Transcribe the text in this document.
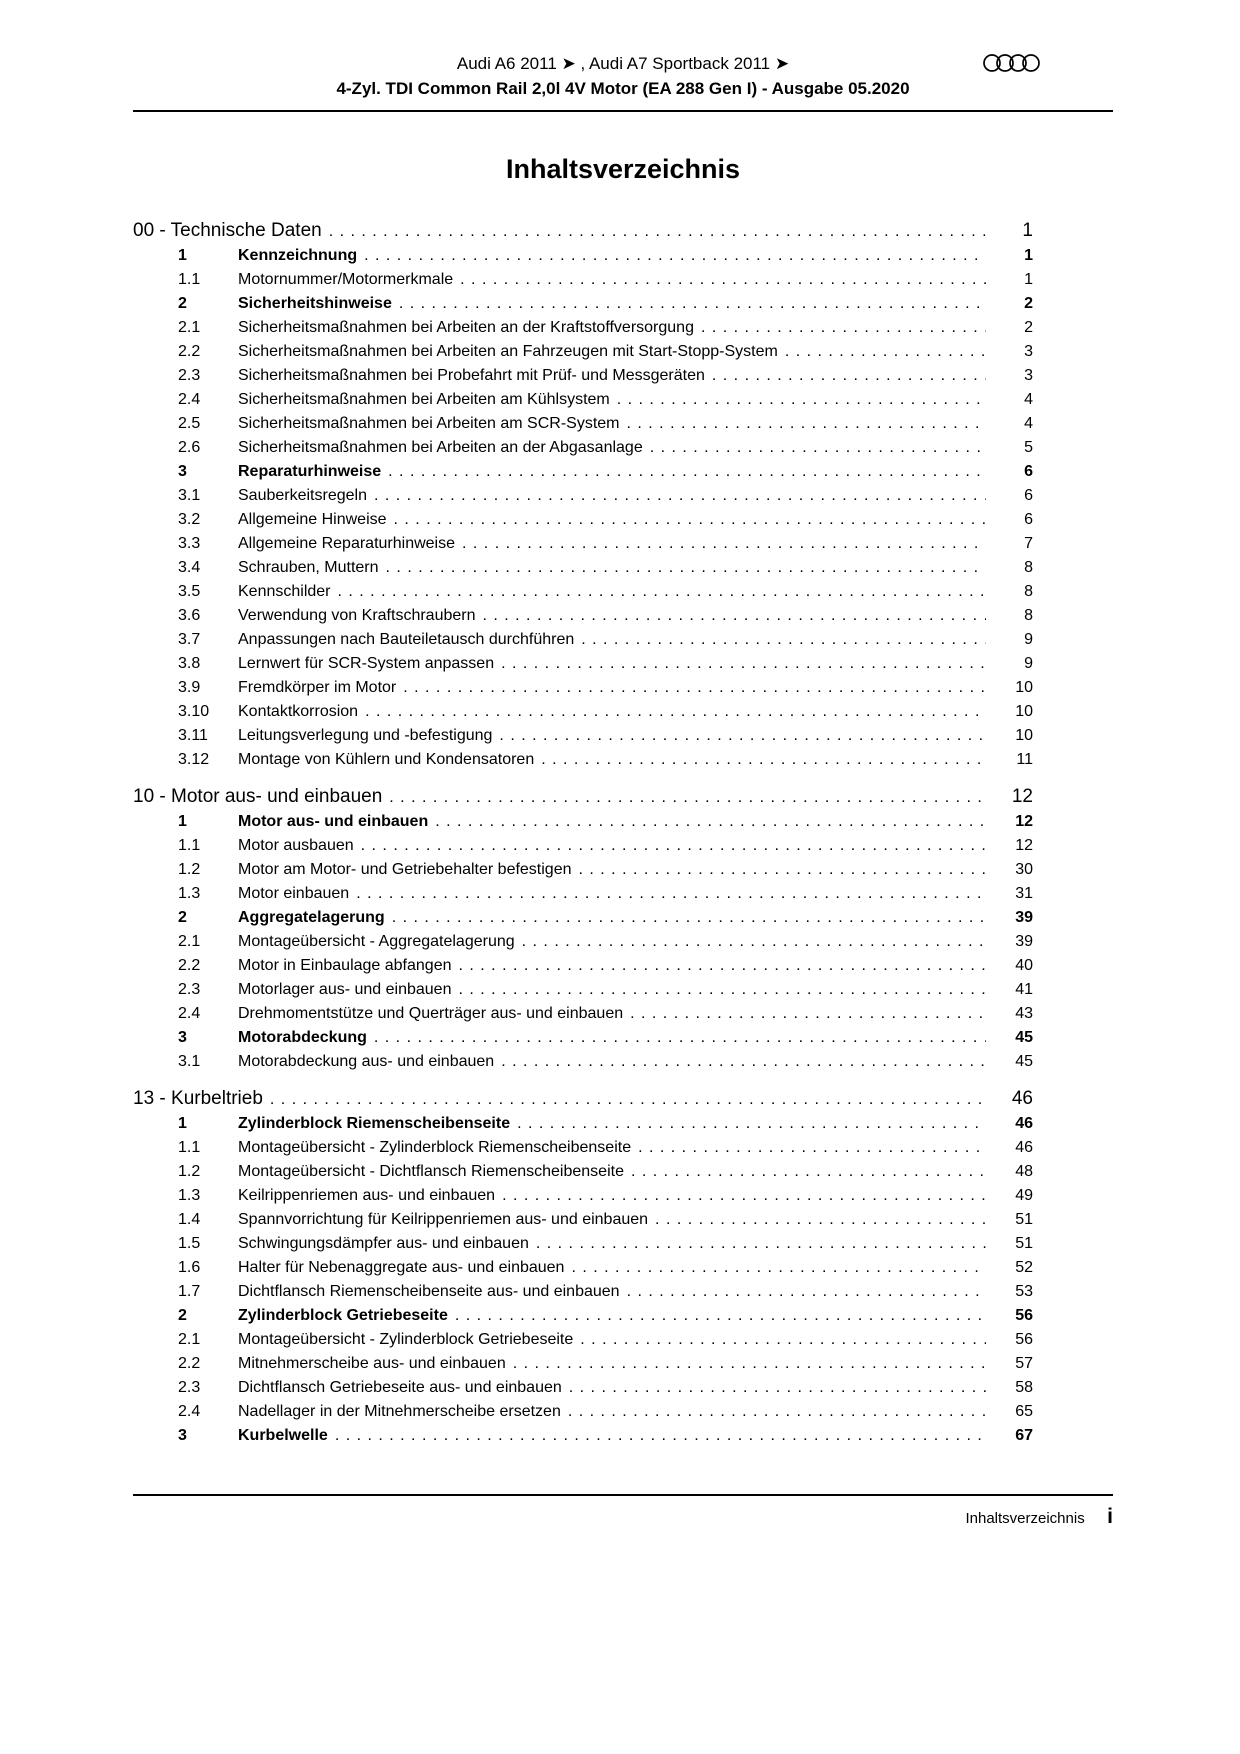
Audi A6 2011 ➤ , Audi A7 Sportback 2011 ➤
4-Zyl. TDI Common Rail 2,0l 4V Motor (EA 288 Gen I) - Ausgabe 05.2020
Inhaltsverzeichnis
00 - Technische Daten . . .	1
1	Kennzeichnung . . .	1
1.1	Motornummer/Motormerkmale . . .	1
2	Sicherheitshinweise . . .	2
2.1	Sicherheitsmaßnahmen bei Arbeiten an der Kraftstoffversorgung . . .	2
2.2	Sicherheitsmaßnahmen bei Arbeiten an Fahrzeugen mit Start-Stopp-System . . .	3
2.3	Sicherheitsmaßnahmen bei Probefahrt mit Prüf- und Messgeräten . . .	3
2.4	Sicherheitsmaßnahmen bei Arbeiten am Kühlsystem . . .	4
2.5	Sicherheitsmaßnahmen bei Arbeiten am SCR-System . . .	4
2.6	Sicherheitsmaßnahmen bei Arbeiten an der Abgasanlage . . .	5
3	Reparaturhinweise . . .	6
3.1	Sauberkeitsregeln . . .	6
3.2	Allgemeine Hinweise . . .	6
3.3	Allgemeine Reparaturhinweise . . .	7
3.4	Schrauben, Muttern . . .	8
3.5	Kennschilder . . .	8
3.6	Verwendung von Kraftschraubern . . .	8
3.7	Anpassungen nach Bauteiletausch durchführen . . .	9
3.8	Lernwert für SCR-System anpassen . . .	9
3.9	Fremdkörper im Motor . . .	10
3.10	Kontaktkorrosion . . .	10
3.11	Leitungsverlegung und -befestigung . . .	10
3.12	Montage von Kühlern und Kondensatoren . . .	11
10 - Motor aus- und einbauen . . .	12
1	Motor aus- und einbauen . . .	12
1.1	Motor ausbauen . . .	12
1.2	Motor am Motor- und Getriebehalter befestigen . . .	30
1.3	Motor einbauen . . .	31
2	Aggregatelagerung . . .	39
2.1	Montageübersicht - Aggregatelagerung . . .	39
2.2	Motor in Einbaulage abfangen . . .	40
2.3	Motorlager aus- und einbauen . . .	41
2.4	Drehmomentstütze und Querträger aus- und einbauen . . .	43
3	Motorabdeckung . . .	45
3.1	Motorabdeckung aus- und einbauen . . .	45
13 - Kurbeltrieb . . .	46
1	Zylinderblock Riemenscheibenseite . . .	46
1.1	Montageübersicht - Zylinderblock Riemenscheibenseite . . .	46
1.2	Montageübersicht - Dichtflansch Riemenscheibenseite . . .	48
1.3	Keilrippenriemen aus- und einbauen . . .	49
1.4	Spannvorrichtung für Keilrippenriemen aus- und einbauen . . .	51
1.5	Schwingungsdämpfer aus- und einbauen . . .	51
1.6	Halter für Nebenaggregate aus- und einbauen . . .	52
1.7	Dichtflansch Riemenscheibenseite aus- und einbauen . . .	53
2	Zylinderblock Getriebeseite . . .	56
2.1	Montageübersicht - Zylinderblock Getriebeseite . . .	56
2.2	Mitnehmerscheibe aus- und einbauen . . .	57
2.3	Dichtflansch Getriebeseite aus- und einbauen . . .	58
2.4	Nadellager in der Mitnehmerscheibe ersetzen . . .	65
3	Kurbelwelle . . .	67
Inhaltsverzeichnis i
